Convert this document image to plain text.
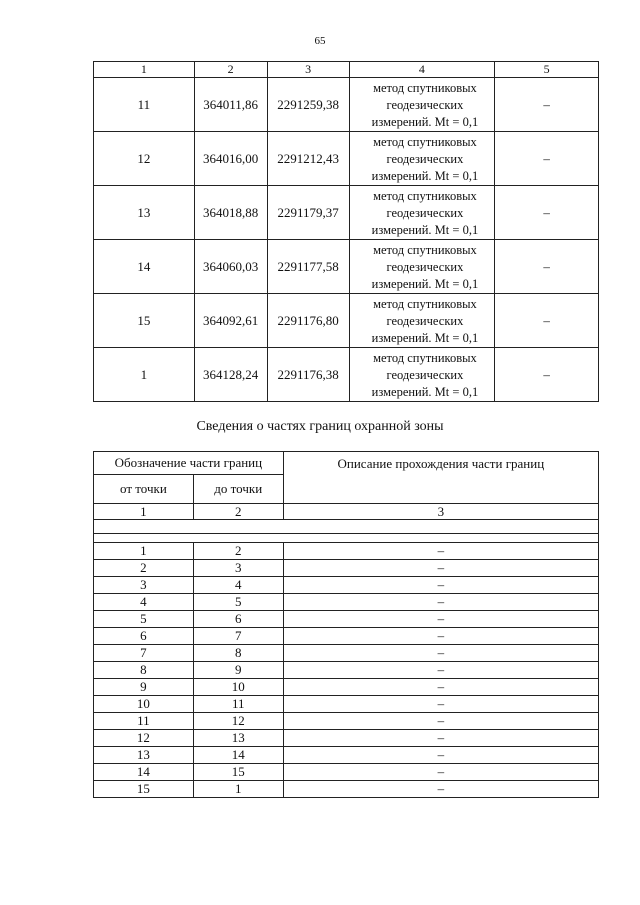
65
1	2	3	4	5
11	364011,86	2291259,38	метод спутниковых
геодезических
измерений. Mt = 0,1	–
12	364016,00	2291212,43	метод спутниковых
геодезических
измерений. Mt = 0,1	–
13	364018,88	2291179,37	метод спутниковых
геодезических
измерений. Mt = 0,1	–
14	364060,03	2291177,58	метод спутниковых
геодезических
измерений. Mt = 0,1	–
15	364092,61	2291176,80	метод спутниковых
геодезических
измерений. Mt = 0,1	–
1	364128,24	2291176,38	метод спутниковых
геодезических
измерений. Mt = 0,1	–
Сведения о частях границ охранной зоны
Обозначение части границ		Описание прохождения части границ
от точки	до точки	
1	2	3

1	2	–
2	3	–
3	4	–
4	5	–
5	6	–
6	7	–
7	8	–
8	9	–
9	10	–
10	11	–
11	12	–
12	13	–
13	14	–
14	15	–
15	1	–
